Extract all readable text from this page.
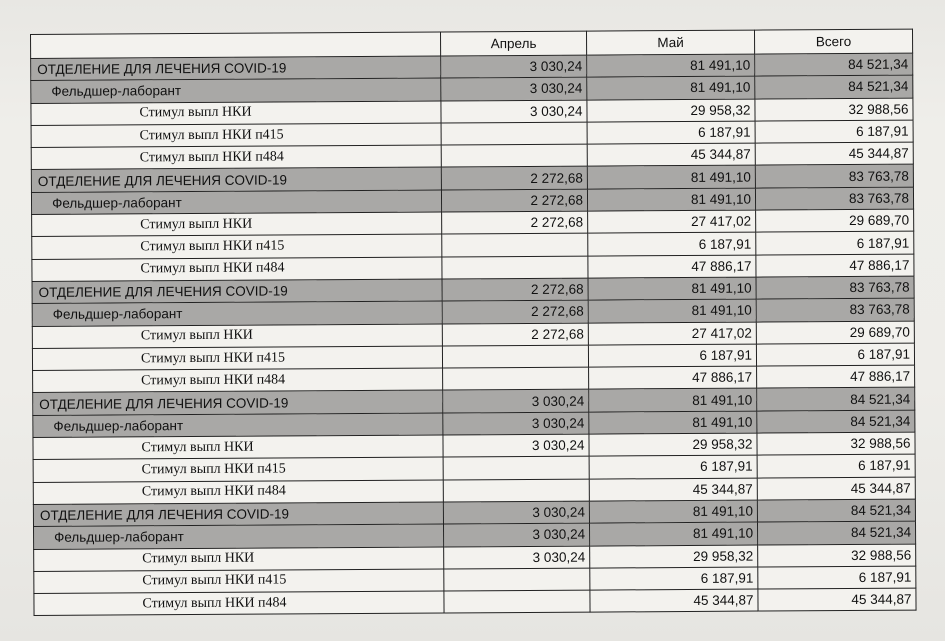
	Апрель	Май	Всего
ОТДЕЛЕНИЕ ДЛЯ ЛЕЧЕНИЯ COVID-19	3 030,24	81 491,10	84 521,34
Фельдшер-лаборант	3 030,24	81 491,10	84 521,34
Стимул выпл НКИ	3 030,24	29 958,32	32 988,56
Стимул выпл НКИ п415		6 187,91	6 187,91
Стимул выпл НКИ п484		45 344,87	45 344,87
ОТДЕЛЕНИЕ ДЛЯ ЛЕЧЕНИЯ COVID-19	2 272,68	81 491,10	83 763,78
Фельдшер-лаборант	2 272,68	81 491,10	83 763,78
Стимул выпл НКИ	2 272,68	27 417,02	29 689,70
Стимул выпл НКИ п415		6 187,91	6 187,91
Стимул выпл НКИ п484		47 886,17	47 886,17
ОТДЕЛЕНИЕ ДЛЯ ЛЕЧЕНИЯ COVID-19	2 272,68	81 491,10	83 763,78
Фельдшер-лаборант	2 272,68	81 491,10	83 763,78
Стимул выпл НКИ	2 272,68	27 417,02	29 689,70
Стимул выпл НКИ п415		6 187,91	6 187,91
Стимул выпл НКИ п484		47 886,17	47 886,17
ОТДЕЛЕНИЕ ДЛЯ ЛЕЧЕНИЯ COVID-19	3 030,24	81 491,10	84 521,34
Фельдшер-лаборант	3 030,24	81 491,10	84 521,34
Стимул выпл НКИ	3 030,24	29 958,32	32 988,56
Стимул выпл НКИ п415		6 187,91	6 187,91
Стимул выпл НКИ п484		45 344,87	45 344,87
ОТДЕЛЕНИЕ ДЛЯ ЛЕЧЕНИЯ COVID-19	3 030,24	81 491,10	84 521,34
Фельдшер-лаборант	3 030,24	81 491,10	84 521,34
Стимул выпл НКИ	3 030,24	29 958,32	32 988,56
Стимул выпл НКИ п415		6 187,91	6 187,91
Стимул выпл НКИ п484		45 344,87	45 344,87
